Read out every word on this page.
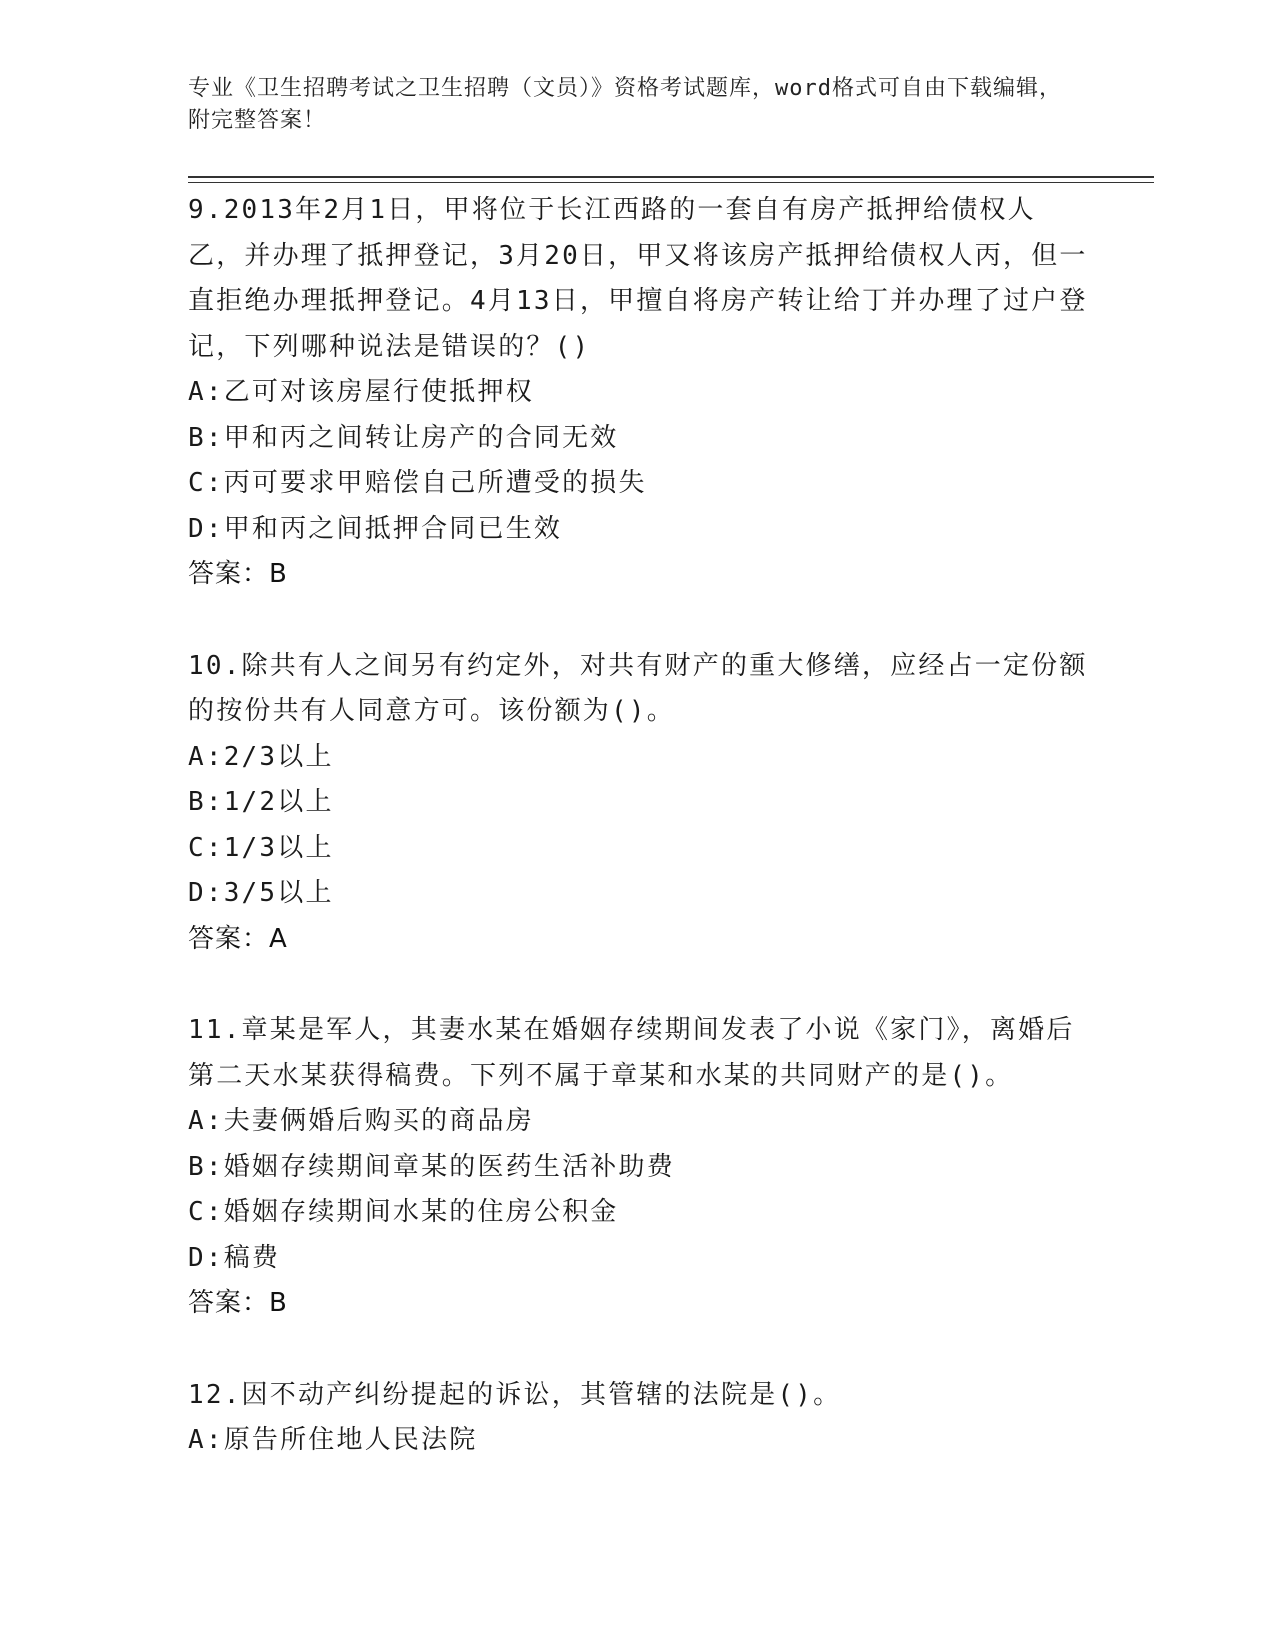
专业《卫生招聘考试之卫生招聘（文员）》资格考试题库，word格式可自由下载编辑，附完整答案！

9.2013年2月1日，甲将位于长江西路的一套自有房产抵押给债权人乙，并办理了抵押登记，3月20日，甲又将该房产抵押给债权人丙，但一直拒绝办理抵押登记。4月13日，甲擅自将房产转让给丁并办理了过户登记，下列哪种说法是错误的？()

A:乙可对该房屋行使抵押权

B:甲和丙之间转让房产的合同无效

C:丙可要求甲赔偿自己所遭受的损失

D:甲和丙之间抵押合同已生效

答案：B

10.除共有人之间另有约定外，对共有财产的重大修缮，应经占一定份额的按份共有人同意方可。该份额为()。

A:2/3以上

B:1/2以上

C:1/3以上

D:3/5以上

答案：A

11.章某是军人，其妻水某在婚姻存续期间发表了小说《家门》，离婚后第二天水某获得稿费。下列不属于章某和水某的共同财产的是()。

A:夫妻俩婚后购买的商品房

B:婚姻存续期间章某的医药生活补助费

C:婚姻存续期间水某的住房公积金

D:稿费

答案：B

12.因不动产纠纷提起的诉讼，其管辖的法院是()。

A:原告所住地人民法院
